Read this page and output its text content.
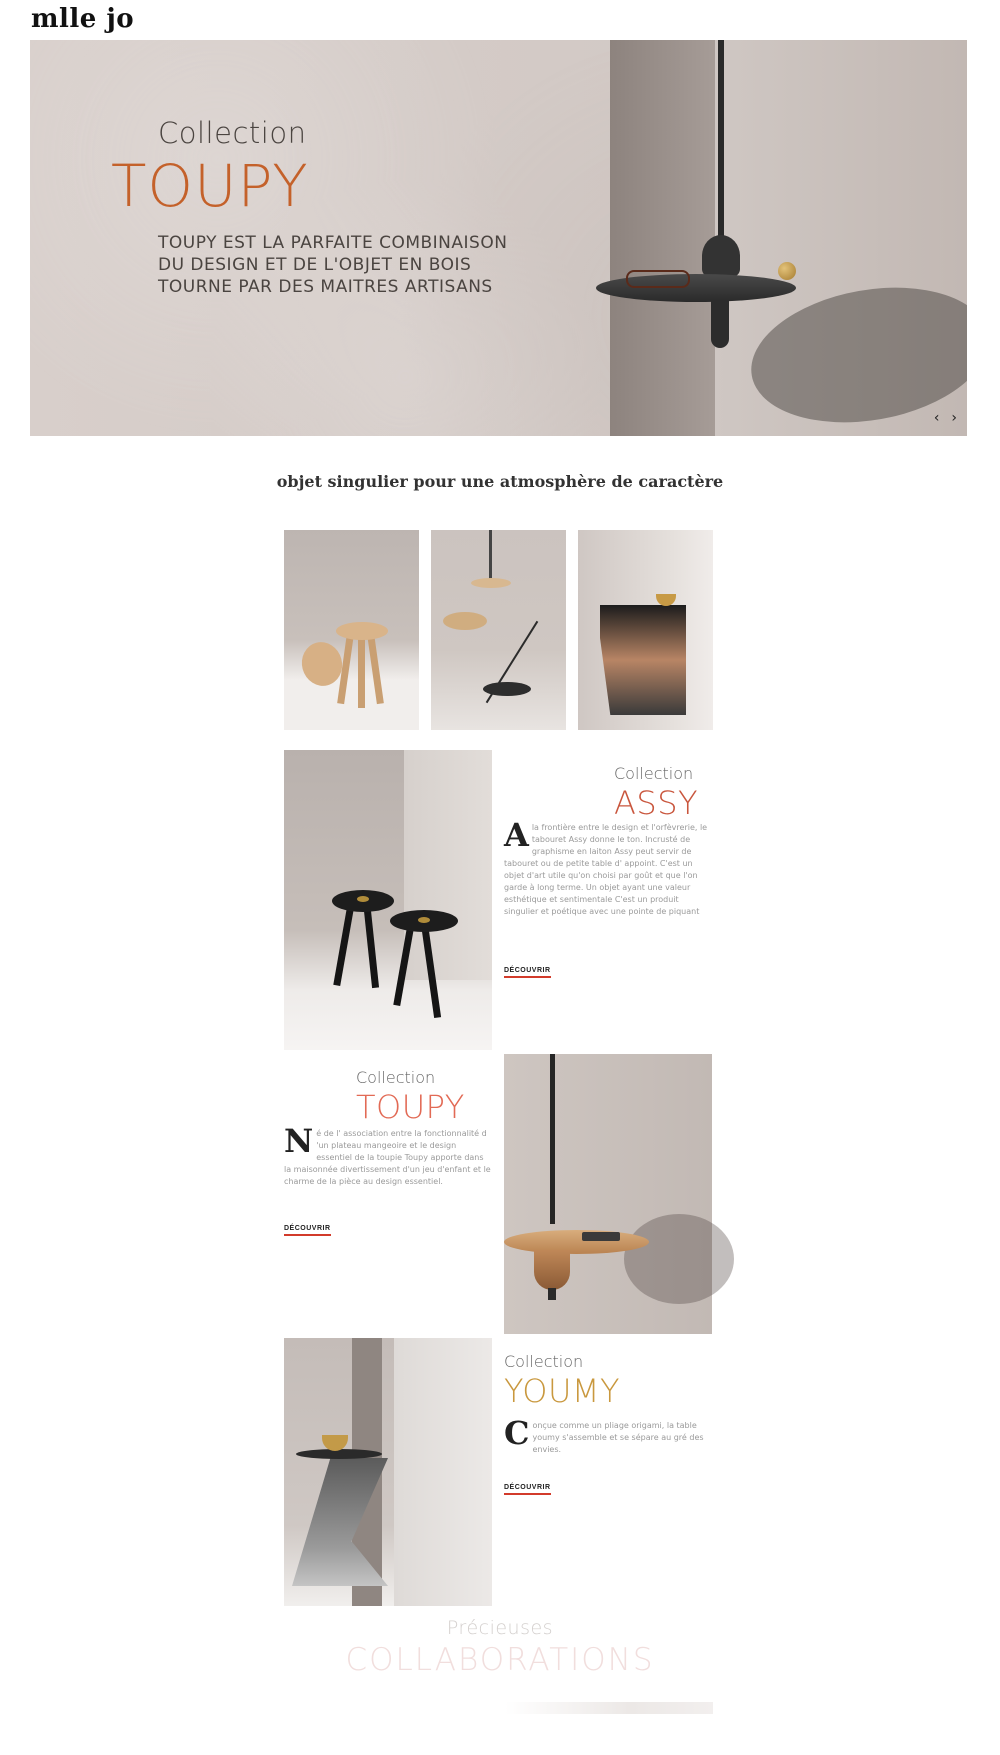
mlle jo
Collection
TOUPY
TOUPY EST LA PARFAITE COMBINAISON
DU DESIGN ET DE L'OBJET EN BOIS
TOURNE PAR DES MAITRES ARTISANS
‹ ›
objet singulier pour une atmosphère de caractère
Collection
ASSY
A la frontière entre le design et l'orfèvrerie, le tabouret Assy donne le ton. Incrusté de graphisme en laiton Assy peut servir de tabouret ou de petite table d' appoint. C'est un objet d'art utile qu'on choisi par goût et que l'on garde à long terme. Un objet ayant une valeur esthétique et sentimentale C'est un produit singulier et poétique avec une pointe de piquant
DÉCOUVRIR
Collection
TOUPY
N é de l' association entre la fonctionnalité d 'un plateau mangeoire et le design essentiel de la toupie Toupy apporte dans la maisonnée divertissement d'un jeu d'enfant et le charme de la pièce au design essentiel.
DÉCOUVRIR
Collection
YOUMY
C onçue comme un pliage origami, la table youmy s'assemble et se sépare au gré des envies.
DÉCOUVRIR
Précieuses
COLLABORATIONS
